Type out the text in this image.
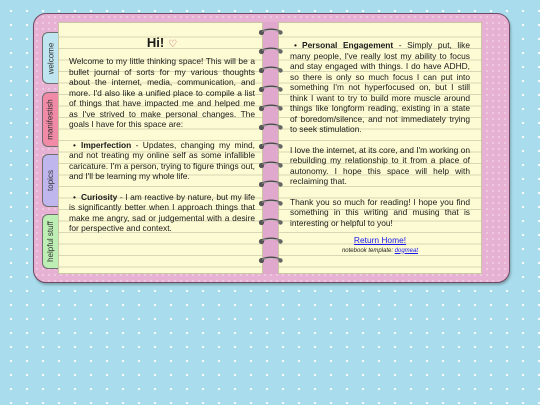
welcome
manifestish
topics
helpful stuff
Hi! ♡

Welcome to my little thinking space! This will be a bullet journal of sorts for my various thoughts about the internet, media, communication, and more. I'd also like a unified place to compile a list of things that have impacted me and helped me as I've strived to make personal changes. The goals I have for this space are:

• Imperfection - Updates, changing my mind, and not treating my online self as some infallible caricature. I'm a person, trying to figure things out, and I'll be learning my whole life.
• Curiosity - I am reactive by nature, but my life is significantly better when I approach things that make me angry, sad or judgemental with a desire for perspective and context.
• Personal Engagement - Simply put, like many people, I've really lost my ability to focus and stay engaged with things. I do have ADHD, so there is only so much focus I can put into something I'm not hyperfocused on, but I still think I want to try to build more muscle around things like longform reading, existing in a state of boredom/silence, and not immediately trying to seek stimulation.

I love the internet, at its core, and I'm working on rebuilding my relationship to it from a place of autonomy. I hope this space will help with reclaiming that.

Thank you so much for reading! I hope you find something in this writing and musing that is interesting or helpful to you!

Return Home!
notebook template: dogmeat
